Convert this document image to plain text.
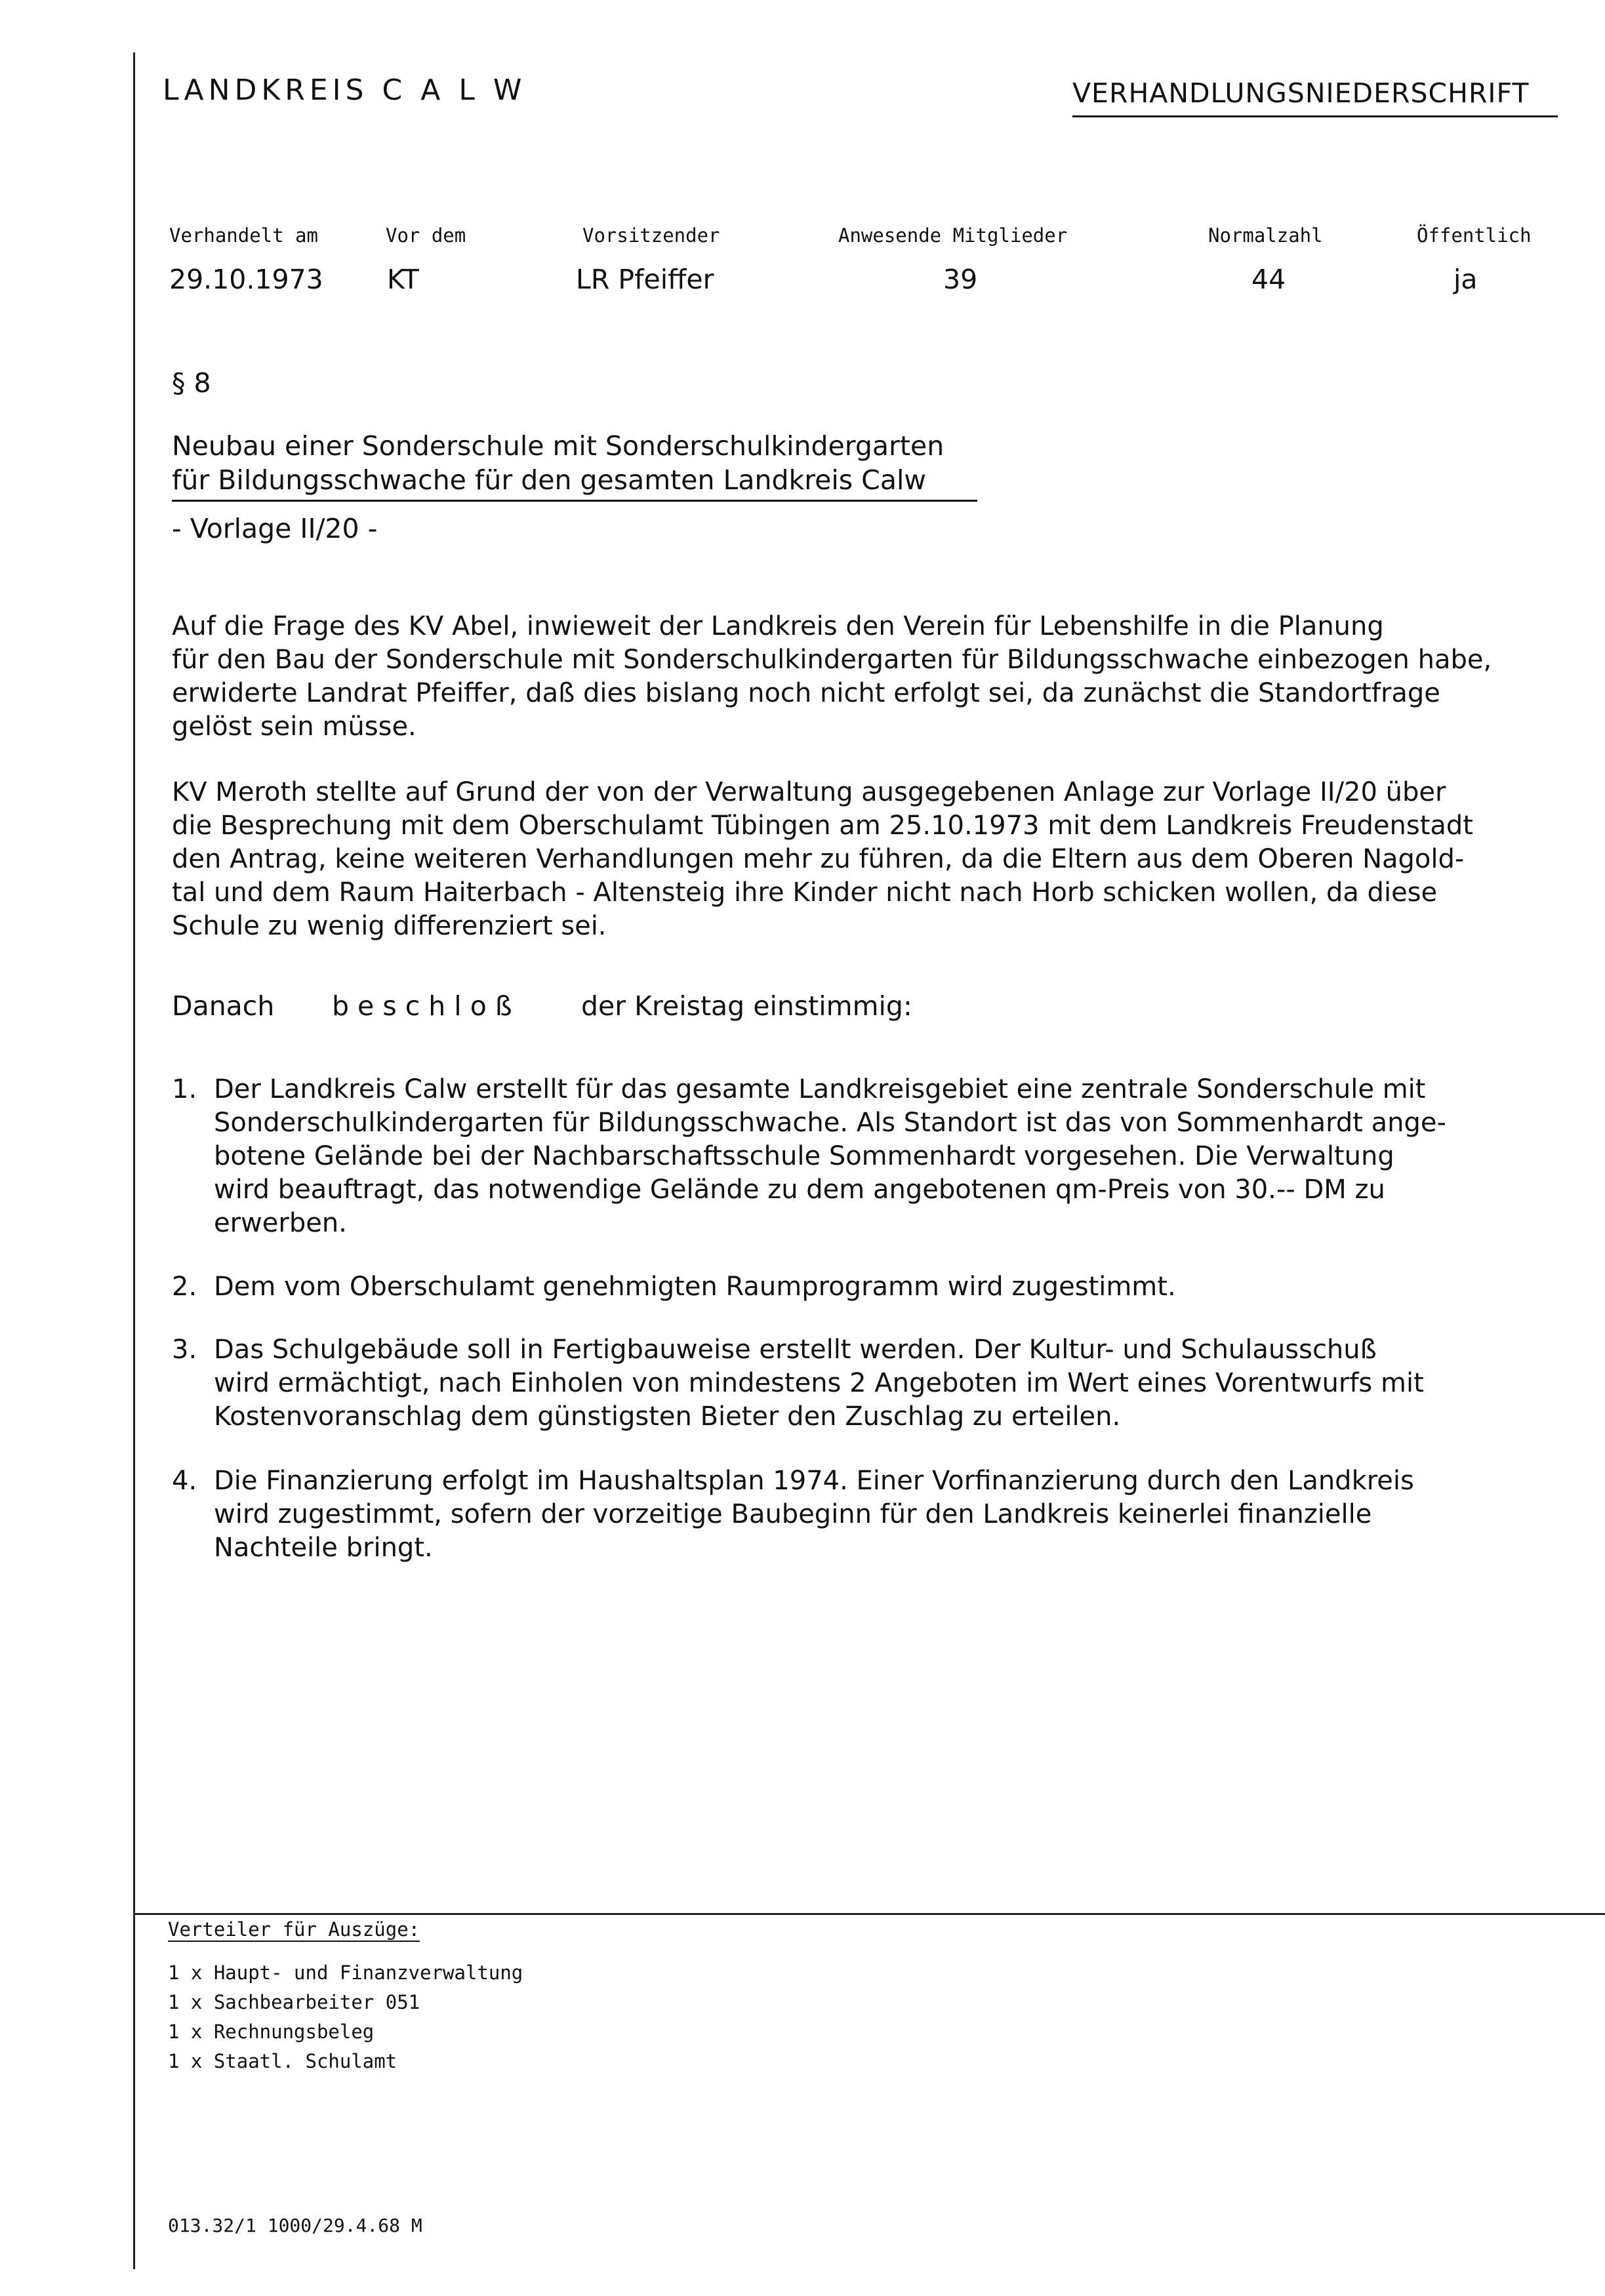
LANDKREIS C A L W	VERHANDLUNGSNIEDERSCHRIFT
Verhandelt am	Vor dem	Vorsitzender	Anwesende Mitglieder	Normalzahl	Öffentlich
29.10.1973 KT	LR Pfeiffer	39	44	ja
§ 8
Neubau einer Sonderschule mit Sonderschulkindergarten
für Bildungsschwache für den gesamten Landkreis Calw
- Vorlage II/20 -
Auf die Frage des KV Abel, inwieweit der Landkreis den Verein für Lebenshilfe in die Planung
für den Bau der Sonderschule mit Sonderschulkindergarten für Bildungsschwache einbezogen habe,
erwiderte Landrat Pfeiffer, daß dies bislang noch nicht erfolgt sei, da zunächst die Standortfrage
gelöst sein müsse.
KV Meroth stellte auf Grund der von der Verwaltung ausgegebenen Anlage zur Vorlage II/20 über
die Besprechung mit dem Oberschulamt Tübingen am 25.10.1973 mit dem Landkreis Freudenstadt
den Antrag, keine weiteren Verhandlungen mehr zu führen, da die Eltern aus dem Oberen Nagold-
tal und dem Raum Haiterbach - Altensteig ihre Kinder nicht nach Horb schicken wollen, da diese
Schule zu wenig differenziert sei.
Danach b e s c h l o ß	der Kreistag einstimmig:
1. Der Landkreis Calw erstellt für das gesamte Landkreisgebiet eine zentrale Sonderschule mit
Sonderschulkindergarten für Bildungsschwache. Als Standort ist das von Sommenhardt ange-
botene Gelände bei der Nachbarschaftsschule Sommenhardt vorgesehen. Die Verwaltung
wird beauftragt, das notwendige Gelände zu dem angebotenen qm-Preis von 30.-- DM zu
erwerben.
2. Dem vom Oberschulamt genehmigten Raumprogramm wird zugestimmt.
3. Das Schulgebäude soll in Fertigbauweise erstellt werden. Der Kultur- und Schulausschuß
wird ermächtigt, nach Einholen von mindestens 2 Angeboten im Wert eines Vorentwurfs mit
Kostenvoranschlag dem günstigsten Bieter den Zuschlag zu erteilen.
4. Die Finanzierung erfolgt im Haushaltsplan 1974. Einer Vorfinanzierung durch den Landkreis
wird zugestimmt, sofern der vorzeitige Baubeginn für den Landkreis keinerlei finanzielle
Nachteile bringt.
Verteiler für Auszüge:
1 x Haupt- und Finanzverwaltung
1 x Sachbearbeiter 051
1 x Rechnungsbeleg
1 x Staatl. Schulamt
013.32/1 1000/29.4.68 M
